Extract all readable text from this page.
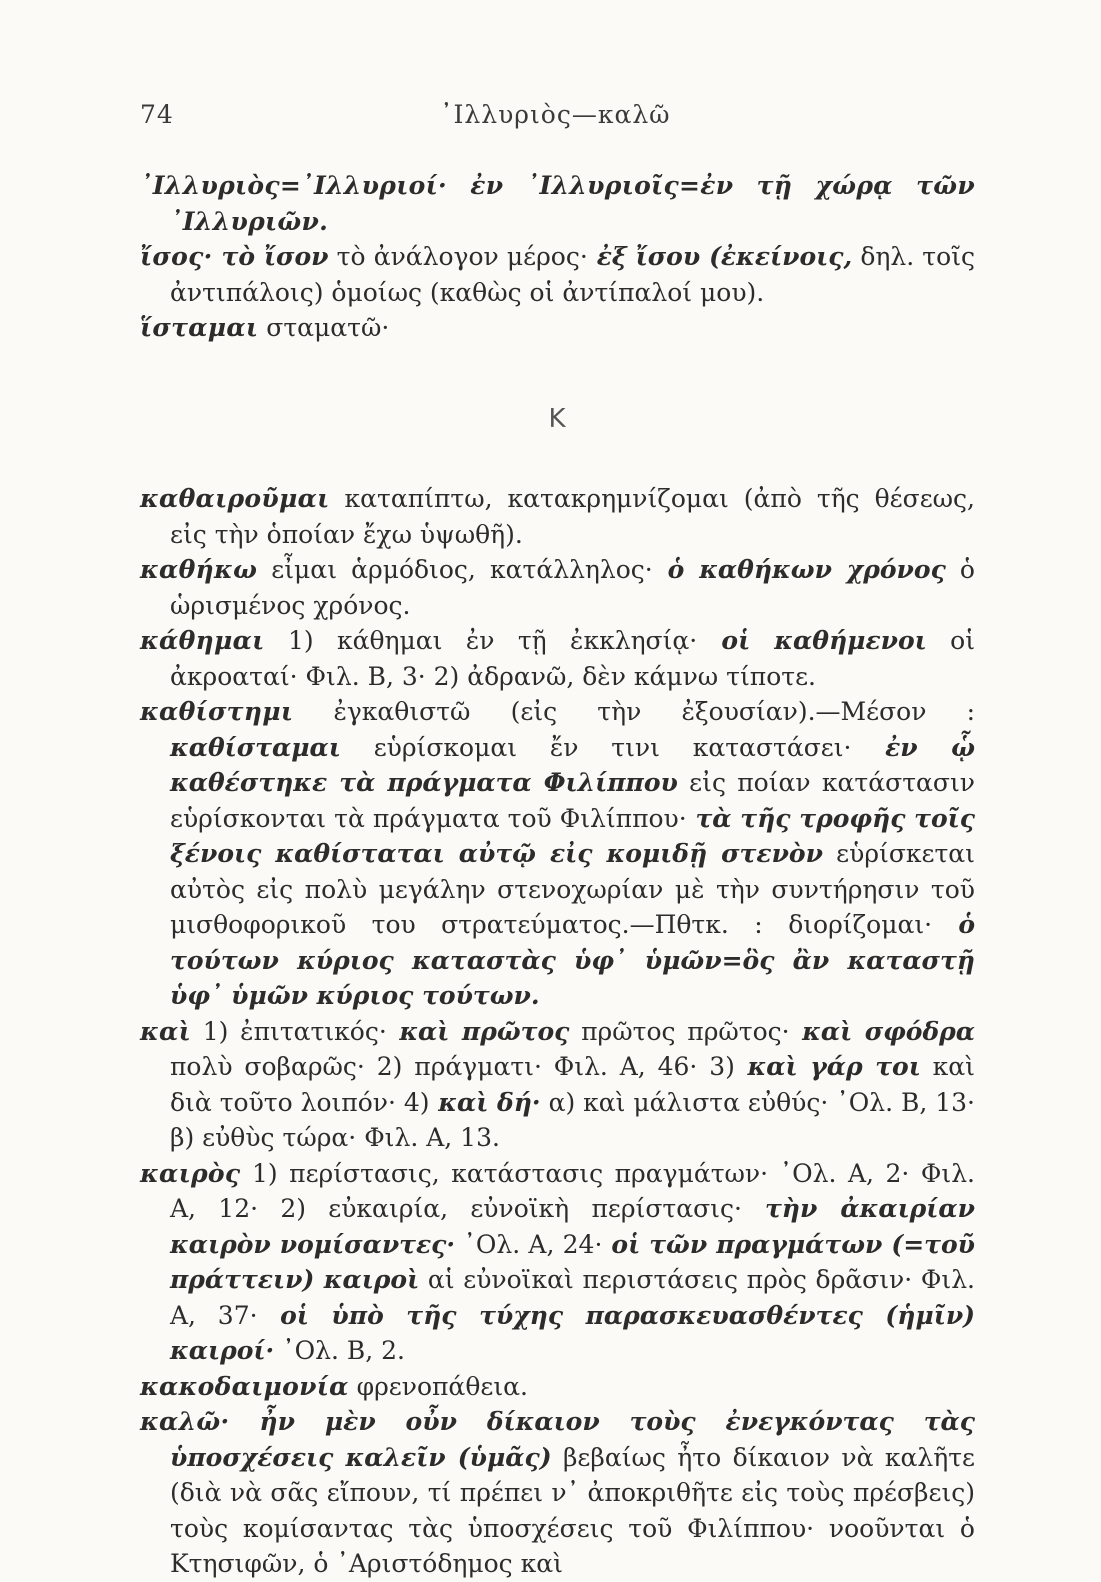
74	᾿Ιλλυριὸς—καλῶ

᾿Ιλλυριὸς=᾿Ιλλυριοί· ἐν ᾿Ιλλυριοῖς=ἐν τῇ χώρᾳ τῶν ᾿Ιλλυριῶν.

ἴσος· τὸ ἴσον τὸ ἀνάλογον μέρος· ἐξ ἴσου (ἐκείνοις, δηλ. τοῖς ἀντιπάλοις) ὁμοίως (καθὼς οἱ ἀντίπαλοί μου).

ἵσταμαι σταματῶ·

Κ

καθαιροῦμαι καταπίπτω, κατακρημνίζομαι (ἀπὸ τῆς θέσεως, εἰς τὴν ὁποίαν ἔχω ὑψωθῆ).

καθήκω εἶμαι ἁρμόδιος, κατάλληλος· ὁ καθήκων χρόνος ὁ ὡρισμένος χρόνος.

κάθημαι 1) κάθημαι ἐν τῇ ἐκκλησίᾳ· οἱ καθήμενοι οἱ ἀκροαταί· Φιλ. Β, 3· 2) ἀδρανῶ, δὲν κάμνω τίποτε.

καθίστημι ἐγκαθιστῶ (εἰς τὴν ἐξουσίαν).—Μέσον : καθίσταμαι εὑρίσκομαι ἔν τινι καταστάσει· ἐν ᾧ καθέστηκε τὰ πράγματα Φιλίππου εἰς ποίαν κατάστασιν εὑρίσκονται τὰ πράγματα τοῦ Φιλίππου· τὰ τῆς τροφῆς τοῖς ξένοις καθίσταται αὐτῷ εἰς κομιδῇ στενὸν εὑρίσκεται αὐτὸς εἰς πολὺ μεγάλην στενοχωρίαν μὲ τὴν συντήρησιν τοῦ μισθοφορικοῦ του στρατεύματος.—Πθτκ. : διορίζομαι· ὁ τούτων κύριος καταστὰς ὑφ᾿ ὑμῶν=ὃς ἂν καταστῇ ὑφ᾿ ὑμῶν κύριος τούτων.

καὶ 1) ἐπιτατικός· καὶ πρῶτος πρῶτος πρῶτος· καὶ σφόδρα πολὺ σοβαρῶς· 2) πράγματι· Φιλ. Α, 46· 3) καὶ γάρ τοι καὶ διὰ τοῦτο λοιπόν· 4) καὶ δή· α) καὶ μάλιστα εὐθύς· ᾿Ολ. Β, 13· β) εὐθὺς τώρα· Φιλ. Α, 13.

καιρὸς 1) περίστασις, κατάστασις πραγμάτων· ᾿Ολ. Α, 2· Φιλ. Α, 12· 2) εὐκαιρία, εὐνοϊκὴ περίστασις· τὴν ἀκαιρίαν καιρὸν νομίσαντες· ᾿Ολ. Α, 24· οἱ τῶν πραγμάτων (=τοῦ πράττειν) καιροὶ αἱ εὐνοϊκαὶ περιστάσεις πρὸς δρᾶσιν· Φιλ. Α, 37· οἱ ὑπὸ τῆς τύχης παρασκευασθέντες (ἡμῖν) καιροί· ᾿Ολ. Β, 2.

κακοδαιμονία φρενοπάθεια.

καλῶ· ἦν μὲν οὖν δίκαιον τοὺς ἐνεγκόντας τὰς ὑποσχέσεις καλεῖν (ὑμᾶς) βεβαίως ἦτο δίκαιον νὰ καλῆτε (διὰ νὰ σᾶς εἴπουν, τί πρέπει ν᾿ ἀποκριθῆτε εἰς τοὺς πρέσβεις) τοὺς κομίσαντας τὰς ὑποσχέσεις τοῦ Φιλίππου· νοοῦνται ὁ Κτησιφῶν, ὁ ᾿Αριστόδημος καὶ
